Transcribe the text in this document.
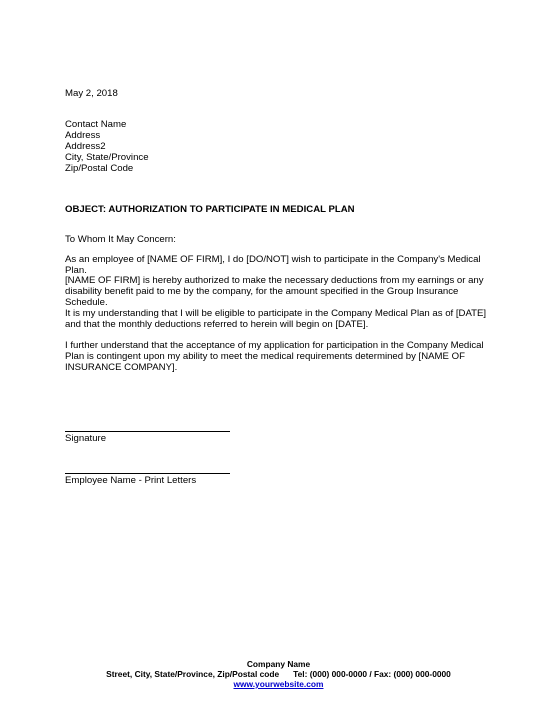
May 2, 2018
Contact Name
Address
Address2
City, State/Province
Zip/Postal Code
OBJECT: AUTHORIZATION TO PARTICIPATE IN MEDICAL PLAN
To Whom It May Concern:
As an employee of [NAME OF FIRM], I do [DO/NOT] wish to participate in the Company's Medical Plan.
[NAME OF FIRM] is hereby authorized to make the necessary deductions from my earnings or any disability benefit paid to me by the company, for the amount specified in the Group Insurance Schedule.
It is my understanding that I will be eligible to participate in the Company Medical Plan as of [DATE] and that the monthly deductions referred to herein will begin on [DATE].
I further understand that the acceptance of my application for participation in the Company Medical Plan is contingent upon my ability to meet the medical requirements determined by [NAME OF INSURANCE COMPANY].
Signature
Employee Name - Print Letters
Company Name
Street, City, State/Province, Zip/Postal code Tel: (000) 000-0000 / Fax: (000) 000-0000
www.yourwebsite.com
